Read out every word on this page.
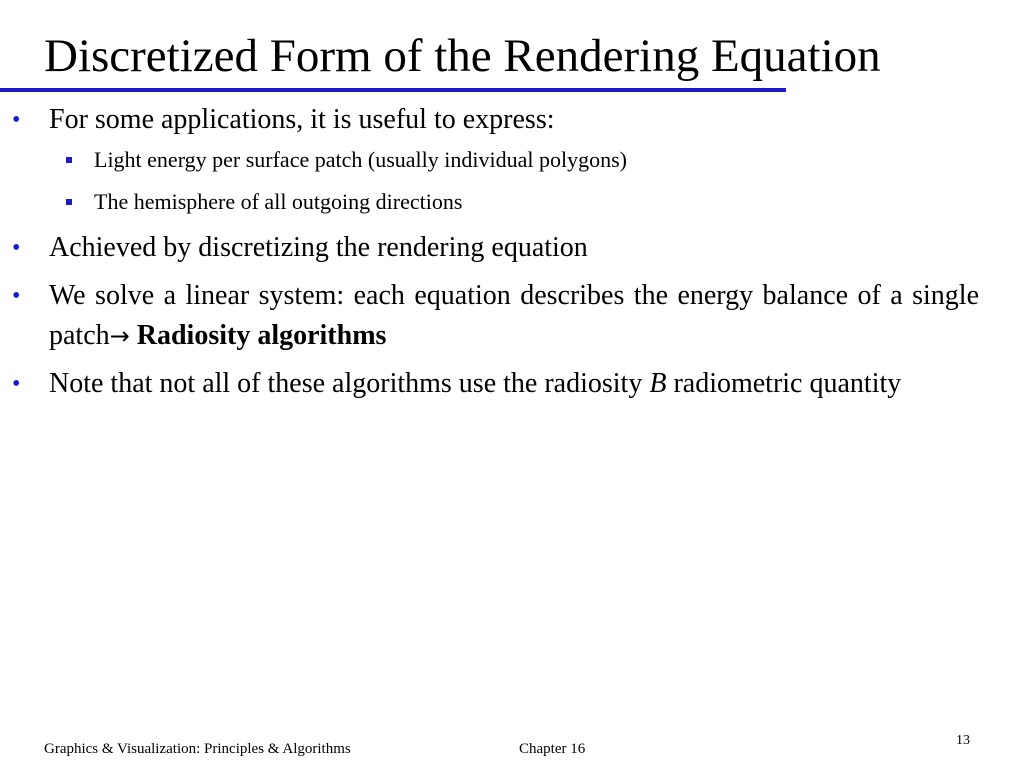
Discretized Form of the Rendering Equation
• For some applications, it is useful to express:
Light energy per surface patch (usually individual polygons)
The hemisphere of all outgoing directions
• Achieved by discretizing the rendering equation
• We solve a linear system: each equation describes the energy balance of a single patch→ Radiosity algorithms
• Note that not all of these algorithms use the radiosity B radiometric quantity
Graphics & Visualization: Principles & Algorithms	Chapter 16
13
